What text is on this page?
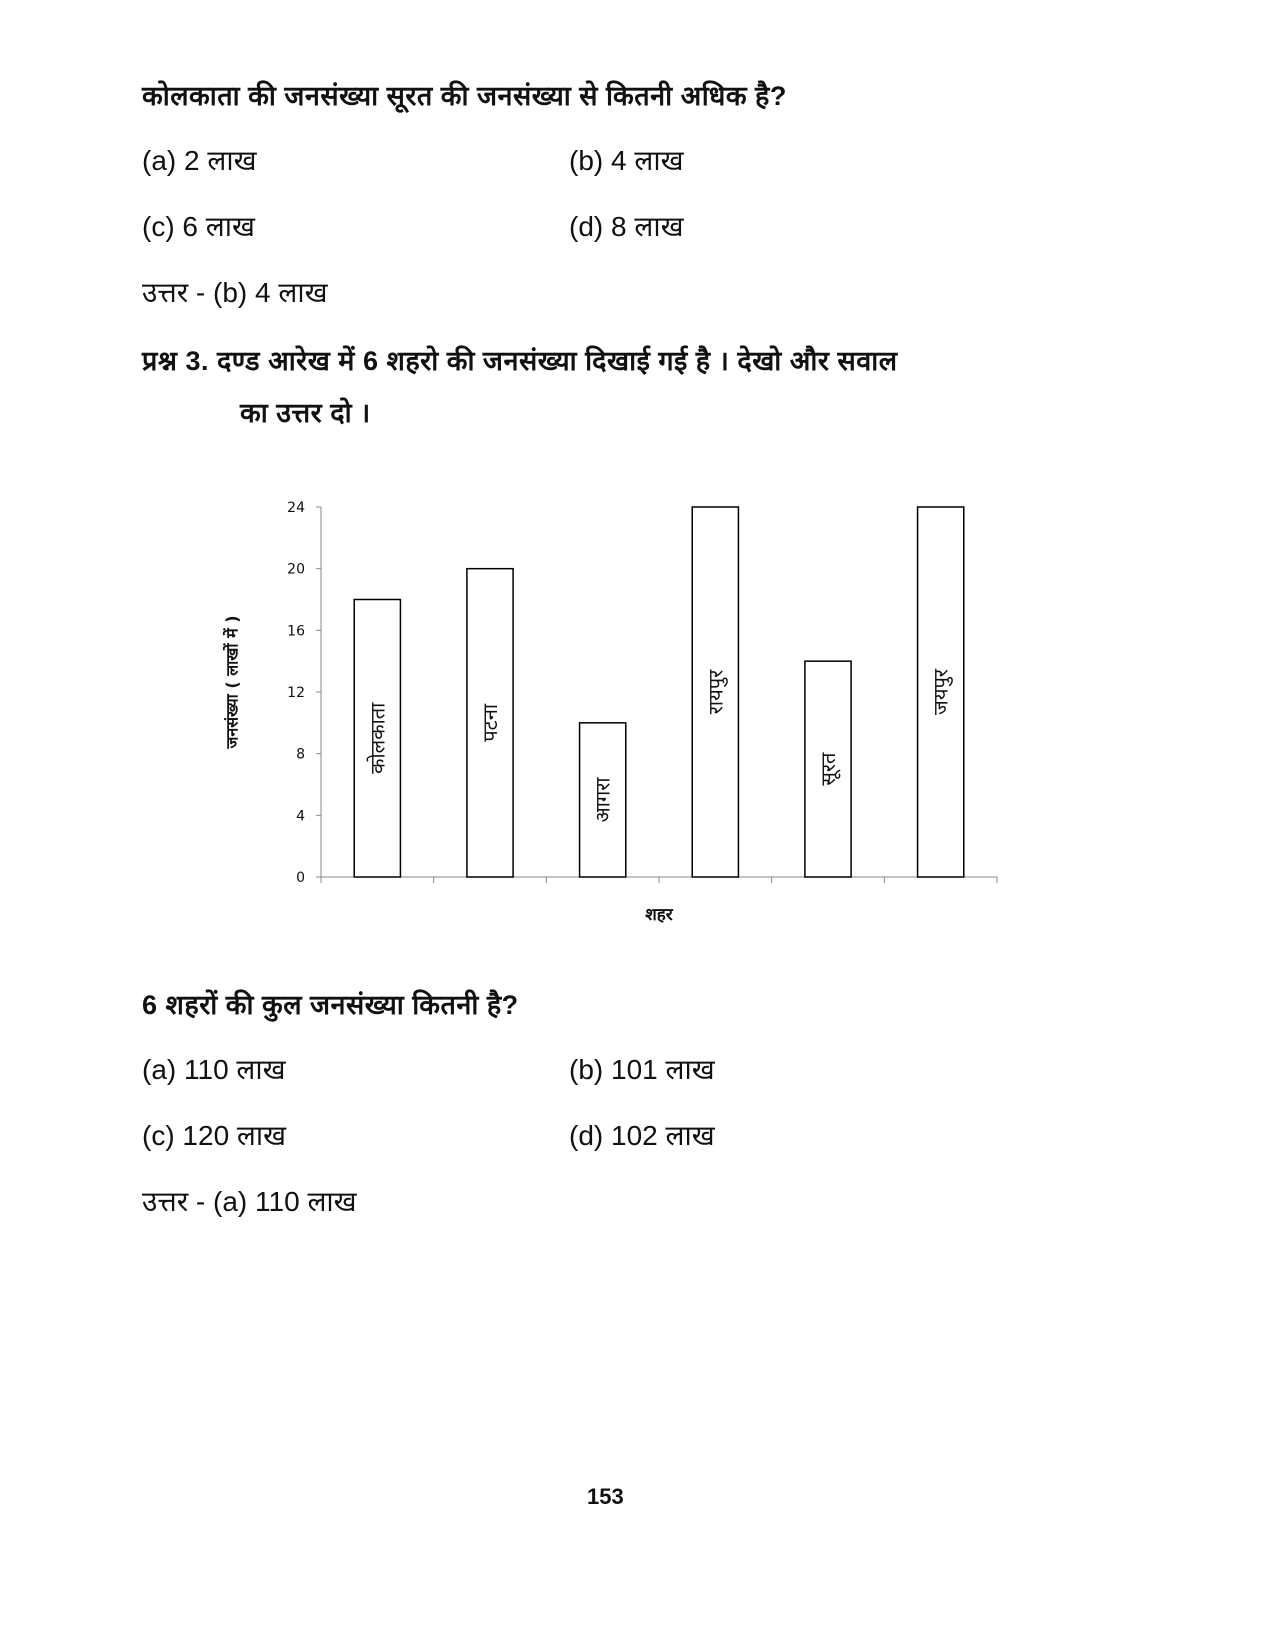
कोलकाता की जनसंख्या सूरत की जनसंख्या से कितनी अधिक है?
(a) 2 लाख	(b) 4 लाख
(c) 6 लाख	(d) 8 लाख
उत्तर - (b) 4 लाख
प्रश्न 3. दण्ड आरेख में 6 शहरो की जनसंख्या दिखाई गई है । देखो और सवाल
का उत्तर दो ।
0
4
8
12
16
20
24
कोलकाता	पटना
आगरा
रायपुर
सूरत
जयपुर
शहर
जनसंख्या ( लाखों में )
6 शहरों की कुल जनसंख्या कितनी है?
(a) 110 लाख	(b) 101 लाख
(c) 120 लाख	(d) 102 लाख
उत्तर - (a) 110 लाख
153
